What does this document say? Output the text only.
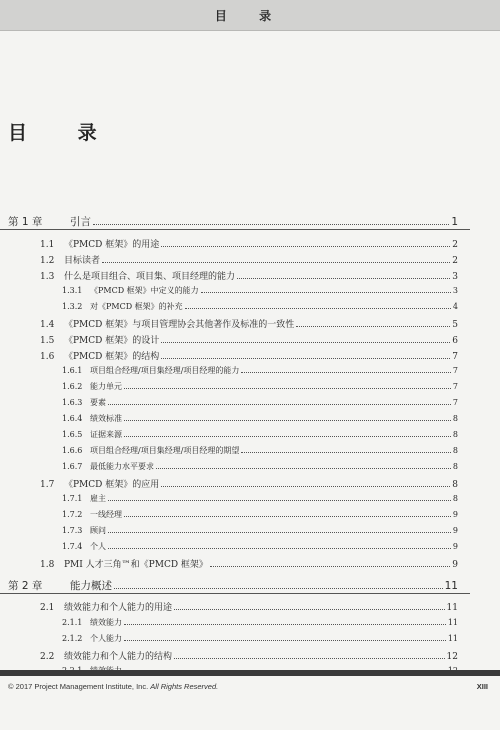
目 录
目 录
第 1 章	引言	1
1.1	《PMCD 框架》的用途	2
1.2	目标读者	2
1.3	什么是项目组合、项目集、项目经理的能力	3
1.3.1 《PMCD 框架》中定义的能力	3
1.3.2 对《PMCD 框架》的补充	4
1.4	《PMCD 框架》与项目管理协会其他著作及标准的一致性	5
1.5	《PMCD 框架》的设计	6
1.6	《PMCD 框架》的结构	7
1.6.1 项目组合经理/项目集经理/项目经理的能力	7
1.6.2 能力单元	7
1.6.3 要素	7
1.6.4 绩效标准	8
1.6.5 证据来源	8
1.6.6 项目组合经理/项目集经理/项目经理的期望	8
1.6.7 最低能力水平要求	8
1.7	《PMCD 框架》的应用	8
1.7.1 雇主	8
1.7.2 一线经理	9
1.7.3 顾问	9
1.7.4 个人	9
1.8	PMI 人才三角™和《PMCD 框架》	9
第 2 章	能力概述	11
2.1	绩效能力和个人能力的用途	11
2.1.1 绩效能力	11
2.1.2 个人能力	11
2.2	绩效能力和个人能力的结构	12
© 2017 Project Management Institute, Inc. All Rights Reserved.	XIII
